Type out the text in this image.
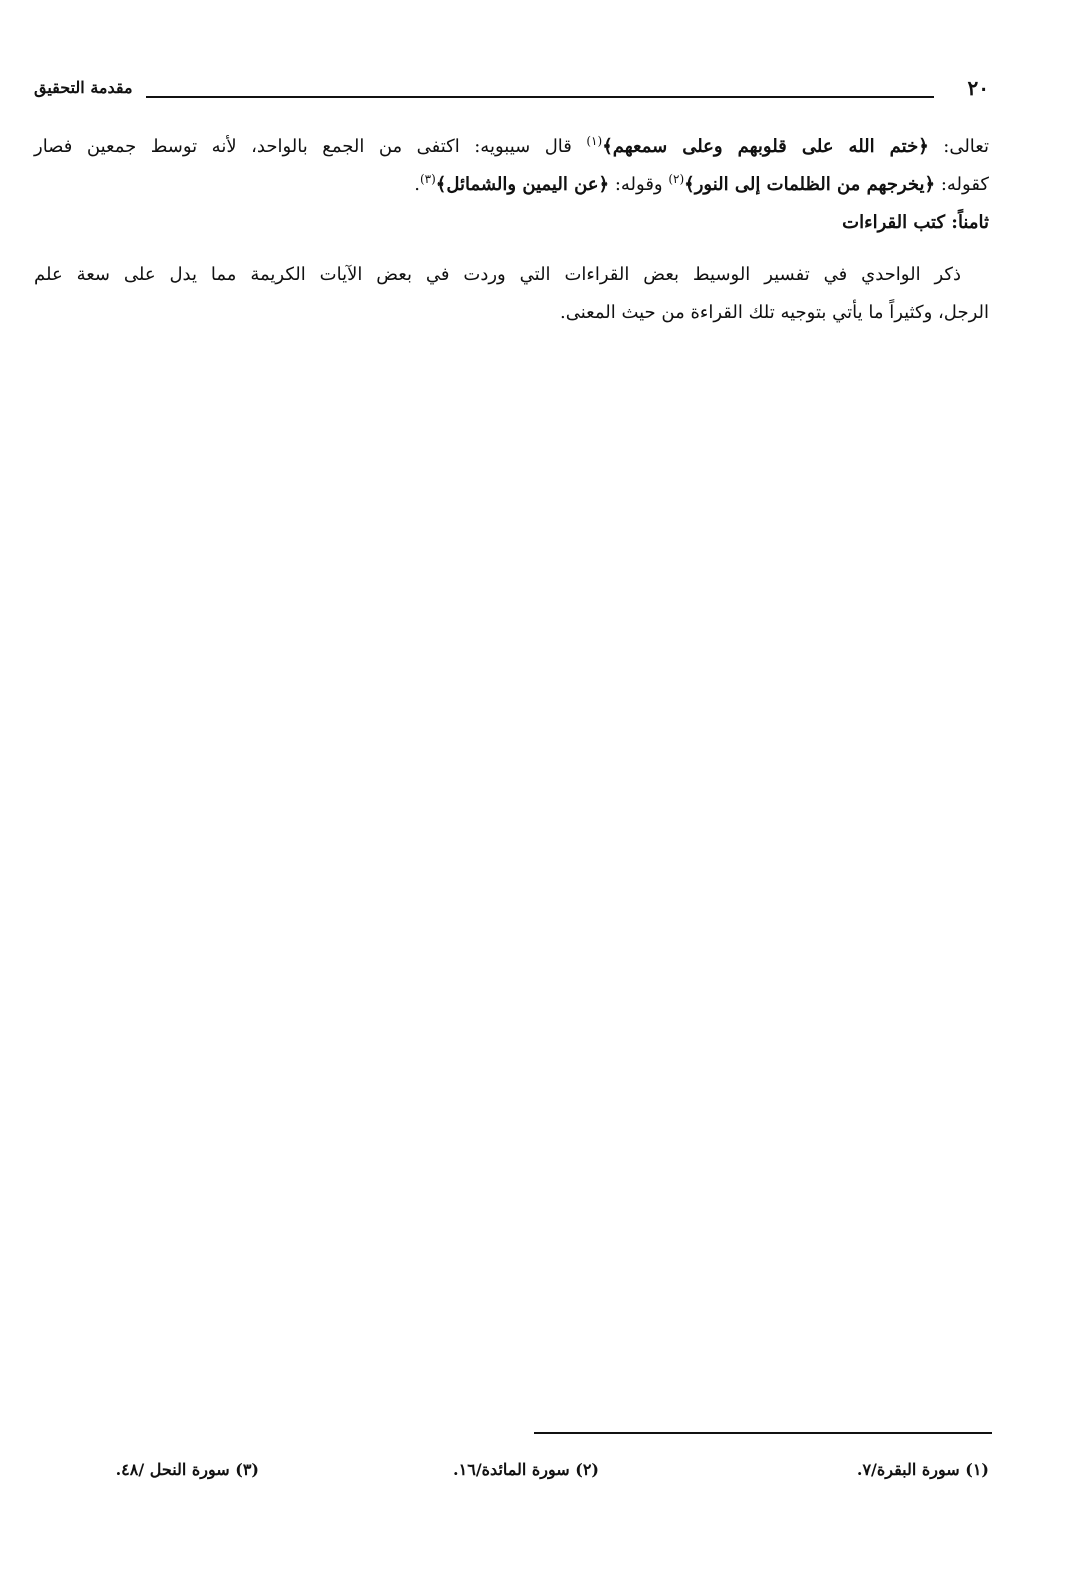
٢٠
مقدمة التحقيق
تعالى: ﴿ختم الله على قلوبهم وعلى سمعهم﴾$^{(١)}$ قال سيبويه: اكتفى من الجمع بالواحد، لأنه توسط جمعين فصار
كقوله: ﴿يخرجهم من الظلمات إلى النور﴾$^{(٢)}$ وقوله: ﴿عن اليمين والشمائل﴾$^{(٣)}$.
ثامناً: كتب القراءات
ذكر الواحدي في تفسير الوسيط بعض القراءات التي وردت في بعض الآيات الكريمة مما يدل على سعة علم
الرجل، وكثيراً ما يأتي بتوجيه تلك القراءة من حيث المعنى.
(١) سورة البقرة/٧.
(٢) سورة المائدة/١٦.
(٣) سورة النحل /٤٨.
